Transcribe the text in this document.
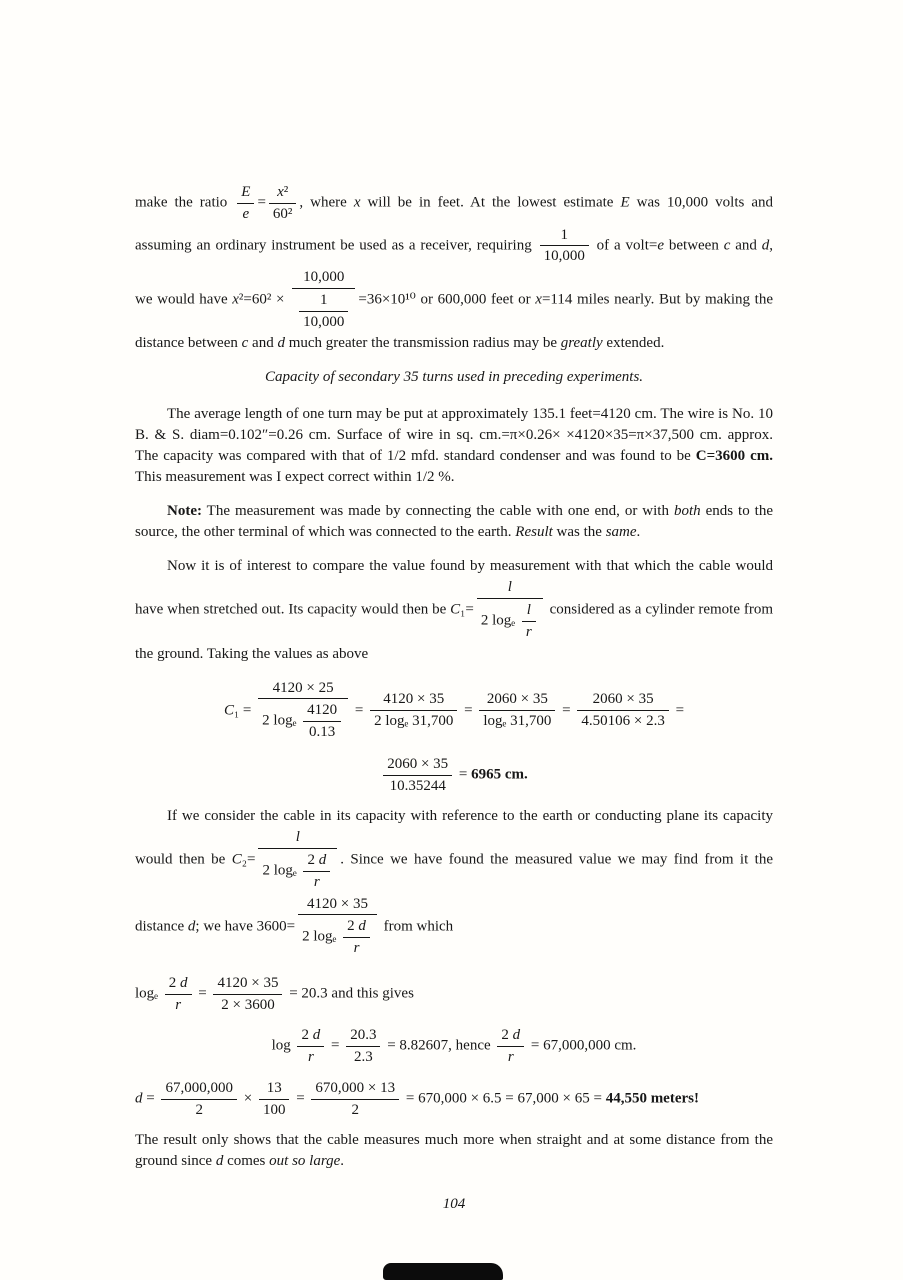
make the ratio $\frac{E}{e} = \frac{\text{x²}}{\text{60²}}$ , where x will be in feet. At the lowest estimate E was 10,000 volts and assuming an ordinary instrument be used as a receiver, requiring $\frac{1}{10,000}$ of a volt=e between c and d, we would have $x^2=60^2 \times \frac{10,000}{\frac{1}{10,000}} =36\times 10^{10}$ or 600,000 feet or x=114 miles nearly. But by making the distance between c and d much greater the transmission radius may be greatly extended.

Capacity of secondary 35 turns used in preceding experiments.

The average length of one turn may be put at approximately 135.1 feet=4120 cm. The wire is No. 10 B. & S. diam=0.102″=0.26 cm. Surface of wire in sq. cm.=π×0.26× ×4120×35=π×37,500 cm. approx. The capacity was compared with that of 1/2 mfd. standard condenser and was found to be C=3600 cm. This measurement was I expect correct within 1/2 %.

Note: The measurement was made by connecting the cable with one end, or with both ends to the source, the other terminal of which was connected to the earth. Result was the same.

Now it is of interest to compare the value found by measurement with that which the cable would have when stretched out. Its capacity would then be $C_1= \frac{l}{2 \log_e \frac{l}{r}}$ considered as a cylinder remote from the ground. Taking the values as above

$C_1 = \frac{4120 \times 25}{2 \log_e \frac{4120}{0.13}} = \frac{4120 \times 35}{\text{2 logₑ 31,700}} = \frac{2060 \times 35}{\text{logₑ 31,700}} = \frac{2060 \times 35}{4.50106 \times 2.3}$ =

$\frac{2060 \times 35}{10.35244} = 6965$ cm.

If we consider the cable in its capacity with reference to the earth or conducting plane its capacity would then be $C_2= \frac{l}{2 \log_e \frac{2 d}{r}}$ . Since we have found the measured value we may find from it the distance d; we have $3600= \frac{4120 \times 35}{2 \log_e \frac{2 d}{r}}$ from which

logₑ $\frac{2 d}{r} = \frac{4120 \times 35}{2 \times 3600} = 20.3$ and this gives

$\log \frac{2 d}{r} = \frac{20.3}{2.3} = 8.82607$, hence $\frac{2 d}{r} = 67,000,000$ cm.

$d = \frac{67,000,000}{2} \times \frac{13}{100} = \frac{670,000 \times 13}{2} = 670,000 \times 6.5 = 67,000 \times 65 = 44,550$ meters!

The result only shows that the cable measures much more when straight and at some distance from the ground since d comes out so large.

104
